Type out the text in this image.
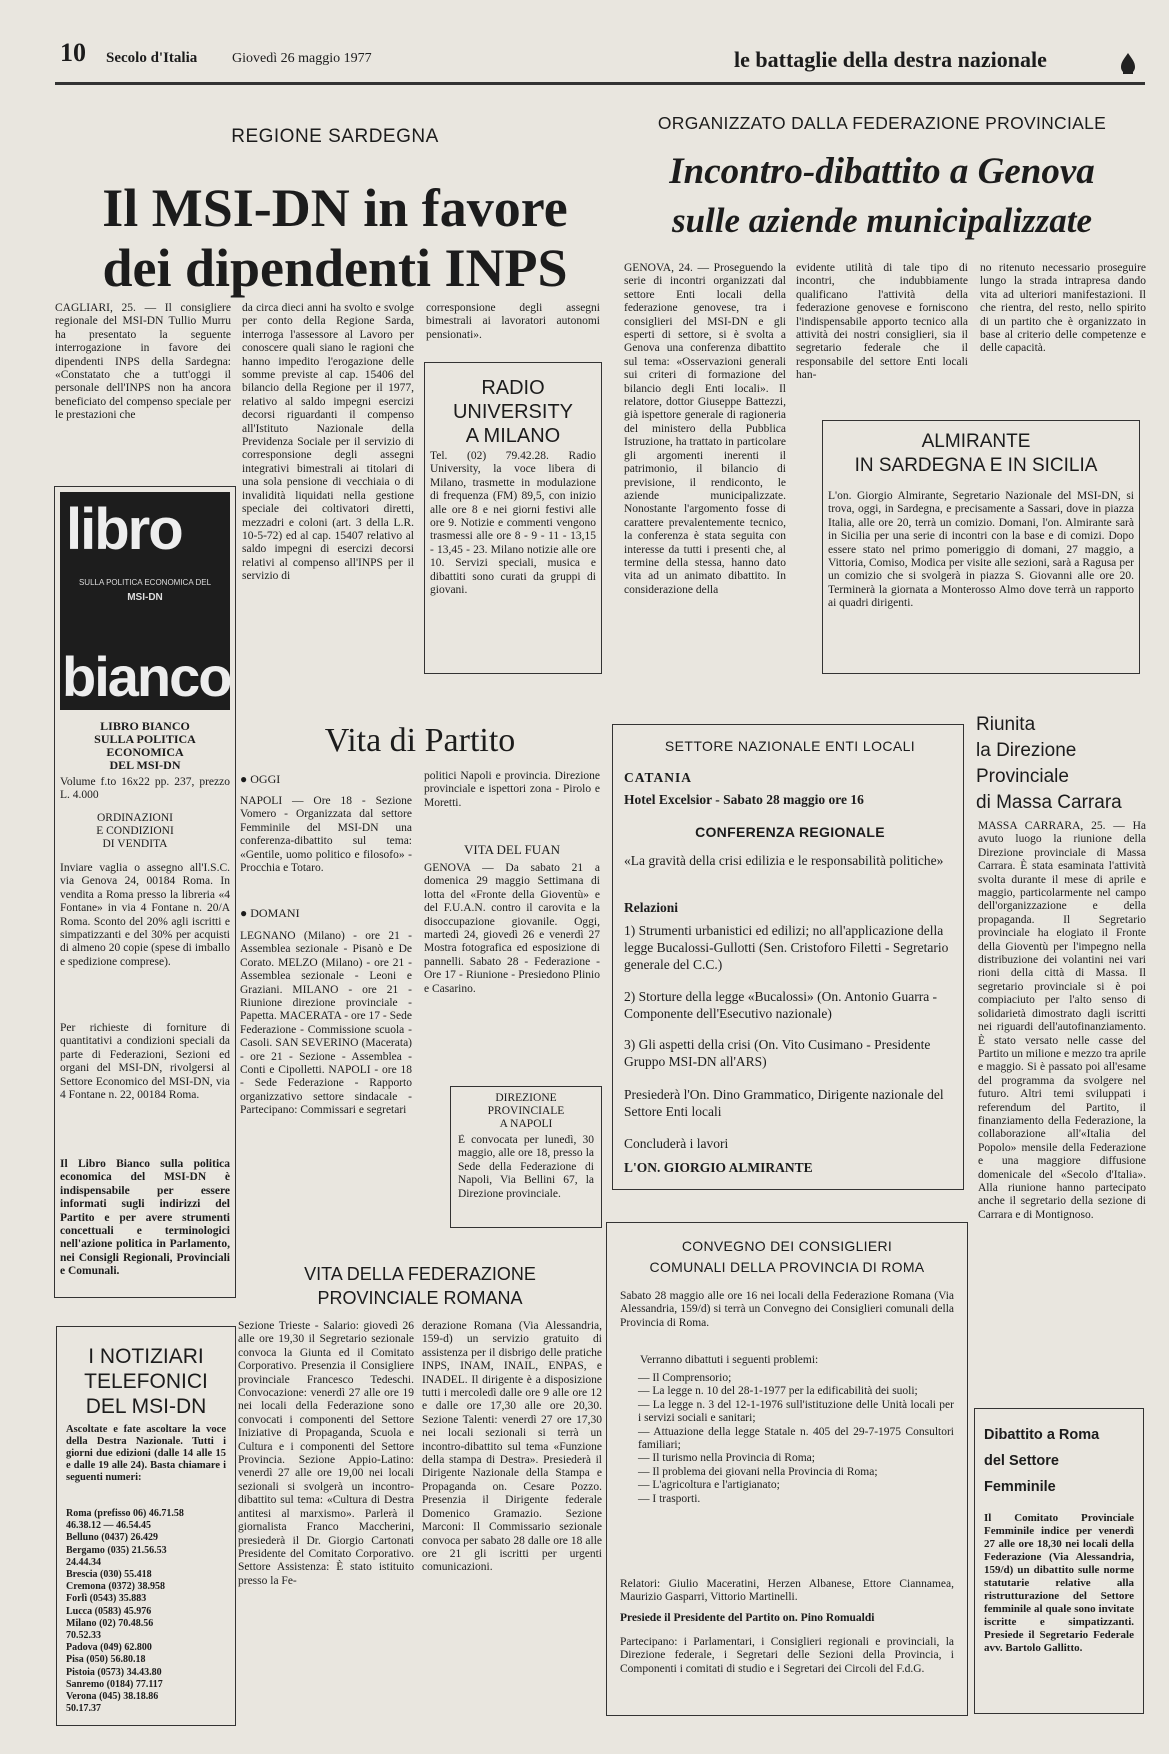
10 Secolo d'Italia Giovedì 26 maggio 1977	le battaglie della destra nazionale
REGIONE SARDEGNA
Il MSI-DN in favore
dei dipendenti INPS
CAGLIARI, 25. — Il consigliere regionale del MSI-DN Tullio Murru ha presentato la seguente interrogazione in favore dei dipendenti INPS della Sardegna: «Constatato che a tutt'oggi il personale dell'INPS non ha ancora beneficiato del compenso speciale per le prestazioni che
da circa dieci anni ha svolto e svolge per conto della Regione Sarda, interroga l'assessore al Lavoro per conoscere quali siano le ragioni che hanno impedito l'erogazione delle somme previste al cap. 15406 del bilancio della Regione per il 1977, relativo al saldo impegni esercizi decorsi riguardanti il compenso all'Istituto Nazionale della Previdenza Sociale per il servizio di corresponsione degli assegni integrativi bimestrali ai titolari di una sola pensione di vecchiaia o di invalidità liquidati nella gestione speciale dei coltivatori diretti, mezzadri e coloni (art. 3 della L.R. 10-5-72) ed al cap. 15407 relativo al saldo impegni di esercizi decorsi relativi al compenso all'INPS per il servizio di
corresponsione degli assegni bimestrali ai lavoratori autonomi pensionati».
libro
SULLA POLITICA ECONOMICA DEL
MSI-DN
bianco
LIBRO BIANCO
SULLA POLITICA
ECONOMICA
DEL MSI-DN
Volume f.to 16x22 pp. 237, prezzo L. 4.000
ORDINAZIONI
E CONDIZIONI
DI VENDITA
Inviare vaglia o assegno all'I.S.C. via Genova 24, 00184 Roma. In vendita a Roma presso la libreria «4 Fontane» in via 4 Fontane n. 20/A Roma. Sconto del 20% agli iscritti e simpatizzanti e del 30% per acquisti di almeno 20 copie (spese di imballo e spedizione comprese).
Per richieste di forniture di quantitativi a condizioni speciali da parte di Federazioni, Sezioni ed organi del MSI-DN, rivolgersi al Settore Economico del MSI-DN, via 4 Fontane n. 22, 00184 Roma.
Il Libro Bianco sulla politica economica del MSI-DN è indispensabile per essere informati sugli indirizzi del Partito e per avere strumenti concettuali e terminologici nell'azione politica in Parlamento, nei Consigli Regionali, Provinciali e Comunali.
RADIO
UNIVERSITY
A MILANO
Tel. (02) 79.42.28. Radio University, la voce libera di Milano, trasmette in modulazione di frequenza (FM) 89,5, con inizio alle ore 8 e nei giorni festivi alle ore 9. Notizie e commenti vengono trasmessi alle ore 8 - 9 - 11 - 13,15 - 13,45 - 23. Milano notizie alle ore 10. Servizi speciali, musica e dibattiti sono curati da gruppi di giovani.
ORGANIZZATO DALLA FEDERAZIONE PROVINCIALE
Incontro-dibattito a Genova
sulle aziende municipalizzate
GENOVA, 24. — Proseguendo la serie di incontri organizzati dal settore Enti locali della federazione genovese, tra i consiglieri del MSI-DN e gli esperti di settore, si è svolta a Genova una conferenza dibattito sul tema: «Osservazioni generali sui criteri di formazione del bilancio degli Enti locali». Il relatore, dottor Giuseppe Battezzi, già ispettore generale di ragioneria del ministero della Pubblica Istruzione, ha trattato in particolare gli argomenti inerenti il patrimonio, il bilancio di previsione, il rendiconto, le aziende municipalizzate. Nonostante l'argomento fosse di carattere prevalentemente tecnico, la conferenza è stata seguita con interesse da tutti i presenti che, al termine della stessa, hanno dato vita ad un animato dibattito. In considerazione della
evidente utilità di tale tipo di incontri, che indubbiamente qualificano l'attività della federazione genovese e forniscono l'indispensabile apporto tecnico alla attività dei nostri consiglieri, sia il segretario federale che il responsabile del settore Enti locali han-
no ritenuto necessario proseguire lungo la strada intrapresa dando vita ad ulteriori manifestazioni. Il che rientra, del resto, nello spirito di un partito che è organizzato in base al criterio delle competenze e delle capacità.
ALMIRANTE
IN SARDEGNA E IN SICILIA
L'on. Giorgio Almirante, Segretario Nazionale del MSI-DN, si trova, oggi, in Sardegna, e precisamente a Sassari, dove in piazza Italia, alle ore 20, terrà un comizio. Domani, l'on. Almirante sarà in Sicilia per una serie di incontri con la base e di comizi. Dopo essere stato nel primo pomeriggio di domani, 27 maggio, a Vittoria, Comiso, Modica per visite alle sezioni, sarà a Ragusa per un comizio che si svolgerà in piazza S. Giovanni alle ore 20. Terminerà la giornata a Monterosso Almo dove terrà un rapporto ai quadri dirigenti.
Vita di Partito
● OGGI
NAPOLI — Ore 18 - Sezione Vomero - Organizzata dal settore Femminile del MSI-DN una conferenza-dibattito sul tema: «Gentile, uomo politico e filosofo» - Procchia e Totaro.
● DOMANI
LEGNANO (Milano) - ore 21 - Assemblea sezionale - Pisanò e De Corato. MELZO (Milano) - ore 21 - Assemblea sezionale - Leoni e Graziani. MILANO - ore 21 - Riunione direzione provinciale - Papetta. MACERATA - ore 17 - Sede Federazione - Commissione scuola - Casoli. SAN SEVERINO (Macerata) - ore 21 - Sezione - Assemblea - Conti e Cipolletti. NAPOLI - ore 18 - Sede Federazione - Rapporto organizzativo settore sindacale - Partecipano: Commissari e segretari
politici Napoli e provincia. Direzione provinciale e ispettori zona - Pirolo e Moretti.
VITA DEL FUAN
GENOVA — Da sabato 21 a domenica 29 maggio Settimana di lotta del «Fronte della Gioventù» e del F.U.A.N. contro il carovita e la disoccupazione giovanile. Oggi, martedì 24, giovedì 26 e venerdì 27 Mostra fotografica ed esposizione di pannelli. Sabato 28 - Federazione - Ore 17 - Riunione - Presiedono Plinio e Casarino.
DIREZIONE
PROVINCIALE
A NAPOLI
È convocata per lunedì, 30 maggio, alle ore 18, presso la Sede della Federazione di Napoli, Via Bellini 67, la Direzione provinciale.
SETTORE NAZIONALE ENTI LOCALI
CATANIA
Hotel Excelsior - Sabato 28 maggio ore 16
CONFERENZA REGIONALE
«La gravità della crisi edilizia e le responsabilità politiche»
Relazioni
1) Strumenti urbanistici ed edilizi; no all'applicazione della legge Bucalossi-Gullotti (Sen. Cristoforo Filetti - Segretario generale del C.C.)
2) Storture della legge «Bucalossi» (On. Antonio Guarra - Componente dell'Esecutivo nazionale)
3) Gli aspetti della crisi (On. Vito Cusimano - Presidente Gruppo MSI-DN all'ARS)
Presiederà l'On. Dino Grammatico, Dirigente nazionale del Settore Enti locali
Concluderà i lavori
L'ON. GIORGIO ALMIRANTE
Riunita
la Direzione
Provinciale
di Massa Carrara
MASSA CARRARA, 25. — Ha avuto luogo la riunione della Direzione provinciale di Massa Carrara. È stata esaminata l'attività svolta durante il mese di aprile e maggio, particolarmente nel campo dell'organizzazione e della propaganda. Il Segretario provinciale ha elogiato il Fronte della Gioventù per l'impegno nella distribuzione dei volantini nei vari rioni della città di Massa. Il segretario provinciale si è poi compiaciuto per l'alto senso di solidarietà dimostrato dagli iscritti nei riguardi dell'autofinanziamento. È stato versato nelle casse del Partito un milione e mezzo tra aprile e maggio. Si è passato poi all'esame del programma da svolgere nel futuro. Altri temi sviluppati i referendum del Partito, il finanziamento della Federazione, la collaborazione all'«Italia del Popolo» mensile della Federazione e una maggiore diffusione domenicale del «Secolo d'Italia». Alla riunione hanno partecipato anche il segretario della sezione di Carrara e di Montignoso.
VITA DELLA FEDERAZIONE
PROVINCIALE ROMANA
Sezione Trieste - Salario: giovedì 26 alle ore 19,30 il Segretario sezionale convoca la Giunta ed il Comitato Corporativo. Presenzia il Consigliere provinciale Francesco Tedeschi. Convocazione: venerdì 27 alle ore 19 nei locali della Federazione sono convocati i componenti del Settore Iniziative di Propaganda, Scuola e Cultura e i componenti del Settore Provincia. Sezione Appio-Latino: venerdì 27 alle ore 19,00 nei locali sezionali si svolgerà un incontro-dibattito sul tema: «Cultura di Destra antitesi al marxismo». Parlerà il giornalista Franco Maccherini, presiederà il Dr. Giorgio Cartonati Presidente del Comitato Corporativo. Settore Assistenza: È stato istituito presso la Fe-
derazione Romana (Via Alessandria, 159-d) un servizio gratuito di assistenza per il disbrigo delle pratiche INPS, INAM, INAIL, ENPAS, e INADEL. Il dirigente è a disposizione tutti i mercoledì dalle ore 9 alle ore 12 e dalle ore 17,30 alle ore 20,30. Sezione Talenti: venerdì 27 ore 17,30 nei locali sezionali si terrà un incontro-dibattito sul tema «Funzione della stampa di Destra». Presiederà il Dirigente Nazionale della Stampa e Propaganda on. Cesare Pozzo. Presenzia il Dirigente federale Domenico Gramazio. Sezione Marconi: Il Commissario sezionale convoca per sabato 28 dalle ore 18 alle ore 21 gli iscritti per urgenti comunicazioni.
CONVEGNO DEI CONSIGLIERI
COMUNALI DELLA PROVINCIA DI ROMA
Sabato 28 maggio alle ore 16 nei locali della Federazione Romana (Via Alessandria, 159/d) si terrà un Convegno dei Consiglieri comunali della Provincia di Roma.
Verranno dibattuti i seguenti problemi:
— Il Comprensorio;
— La legge n. 10 del 28-1-1977 per la edificabilità dei suoli;
— La legge n. 3 del 12-1-1976 sull'istituzione delle Unità locali per i servizi sociali e sanitari;
— Attuazione della legge Statale n. 405 del 29-7-1975 Consultori familiari;
— Il turismo nella Provincia di Roma;
— Il problema dei giovani nella Provincia di Roma;
— L'agricoltura e l'artigianato;
— I trasporti.
Relatori: Giulio Maceratini, Herzen Albanese, Ettore Ciannamea, Maurizio Gasparri, Vittorio Martinelli.
Presiede il Presidente del Partito on. Pino Romualdi
Partecipano: i Parlamentari, i Consiglieri regionali e provinciali, la Direzione federale, i Segretari delle Sezioni della Provincia, i Componenti i comitati di studio e i Segretari dei Circoli del F.d.G.
I NOTIZIARI
TELEFONICI
DEL MSI-DN
Ascoltate e fate ascoltare la voce della Destra Nazionale. Tutti i giorni due edizioni (dalle 14 alle 15 e dalle 19 alle 24). Basta chiamare i seguenti numeri:
Roma (prefisso 06) 46.71.58
46.38.12 — 46.54.45
Belluno (0437) 26.429
Bergamo (035) 21.56.53
24.44.34
Brescia (030) 55.418
Cremona (0372) 38.958
Forlì (0543) 35.883
Lucca (0583) 45.976
Milano (02) 70.48.56
70.52.33
Padova (049) 62.800
Pisa (050) 56.80.18
Pistoia (0573) 34.43.80
Sanremo (0184) 77.117
Verona (045) 38.18.86
50.17.37
Dibattito a Roma
del Settore
Femminile
Il Comitato Provinciale Femminile indice per venerdì 27 alle ore 18,30 nei locali della Federazione (Via Alessandria, 159/d) un dibattito sulle norme statutarie relative alla ristrutturazione del Settore femminile al quale sono invitate iscritte e simpatizzanti. Presiede il Segretario Federale avv. Bartolo Gallitto.
